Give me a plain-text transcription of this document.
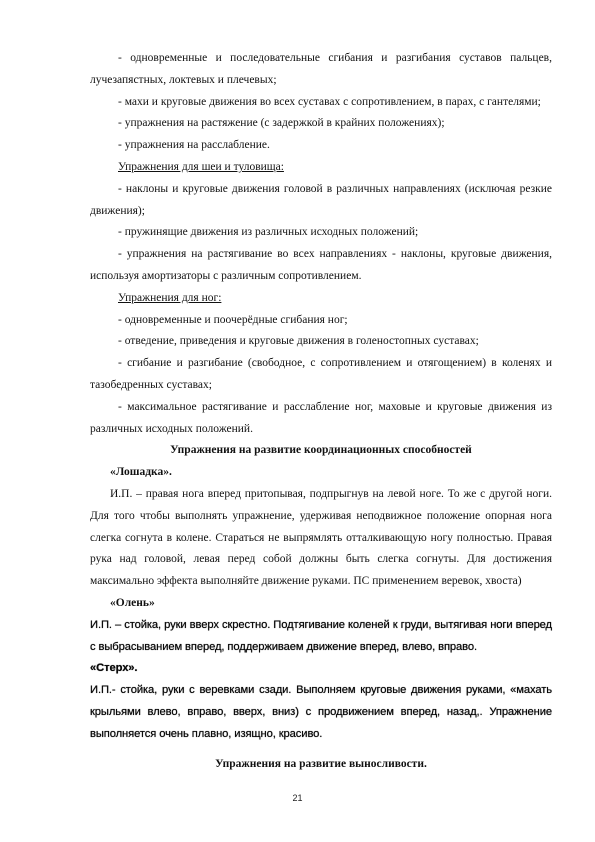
- одновременные и последовательные сгибания и разгибания суставов пальцев, лучезапястных, локтевых и плечевых;

- махи и круговые движения во всех суставах с сопротивлением, в парах, с гантелями;

- упражнения на растяжение (с задержкой в крайних положениях);

- упражнения на расслабление.

Упражнения для шеи и туловища:

- наклоны и круговые движения головой в различных направлениях (исключая резкие движения);

- пружинящие движения из различных исходных положений;

- упражнения на растягивание во всех направлениях - наклоны, круговые движения, используя амортизаторы с различным сопротивлением.

Упражнения для ног:

- одновременные и поочерёдные сгибания ног;

- отведение, приведения и круговые движения в голеностопных суставах;

- сгибание и разгибание (свободное, с сопротивлением и отягощением) в коленях и тазобедренных суставах;

- максимальное растягивание и расслабление ног, маховые и круговые движения из различных исходных положений.

Упражнения на развитие координационных способностей

«Лошадка».

И.П. – правая нога вперед притопывая, подпрыгнув на левой ноге. То же с другой ноги. Для того чтобы выполнять упражнение, удерживая неподвижное положение опорная нога слегка согнута в колене. Стараться не выпрямлять отталкивающую ногу полностью. Правая рука над головой, левая перед собой должны быть слегка согнуты. Для достижения максимально эффекта выполняйте движение руками. ПС применением веревок, хвоста)

«Олень»

И.П. – стойка, руки вверх скрестно. Подтягивание коленей к груди, вытягивая ноги вперед с выбрасыванием вперед, поддерживаем движение вперед, влево, вправо.

«Стерх».

И.П.- стойка, руки с веревками сзади. Выполняем круговые движения руками, «махать крыльями влево, вправо, вверх, вниз) с продвижением вперед, назад,. Упражнение выполняется очень плавно, изящно, красиво.

Упражнения на развитие выносливости.

21
